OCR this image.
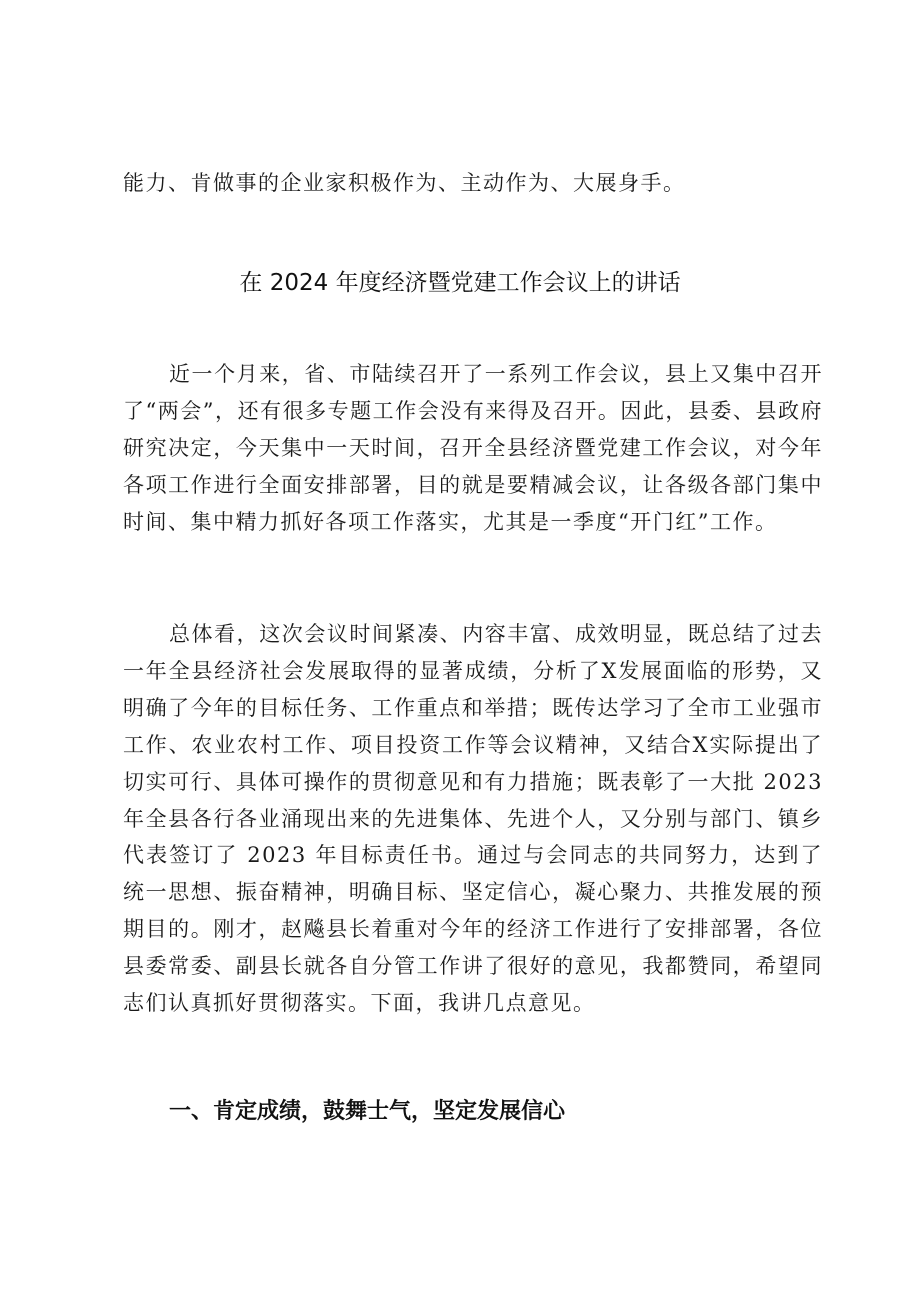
能力、肯做事的企业家积极作为、主动作为、大展身手。
在 2024 年度经济暨党建工作会议上的讲话

近一个月来，省、市陆续召开了一系列工作会议，县上又集中召开了“两会”，还有很多专题工作会没有来得及召开。因此，县委、县政府研究决定，今天集中一天时间，召开全县经济暨党建工作会议，对今年各项工作进行全面安排部署，目的就是要精减会议，让各级各部门集中时间、集中精力抓好各项工作落实，尤其是一季度“开门红”工作。

总体看，这次会议时间紧凑、内容丰富、成效明显，既总结了过去一年全县经济社会发展取得的显著成绩，分析了X发展面临的形势，又明确了今年的目标任务、工作重点和举措；既传达学习了全市工业强市工作、农业农村工作、项目投资工作等会议精神，又结合X实际提出了切实可行、具体可操作的贯彻意见和有力措施；既表彰了一大批 2023 年全县各行各业涌现出来的先进集体、先进个人，又分别与部门、镇乡代表签订了 2023 年目标责任书。通过与会同志的共同努力，达到了统一思想、振奋精神，明确目标、坚定信心，凝心聚力、共推发展的预期目的。刚才，赵飚县长着重对今年的经济工作进行了安排部署，各位县委常委、副县长就各自分管工作讲了很好的意见，我都赞同，希望同志们认真抓好贯彻落实。下面，我讲几点意见。

一、肯定成绩，鼓舞士气，坚定发展信心
